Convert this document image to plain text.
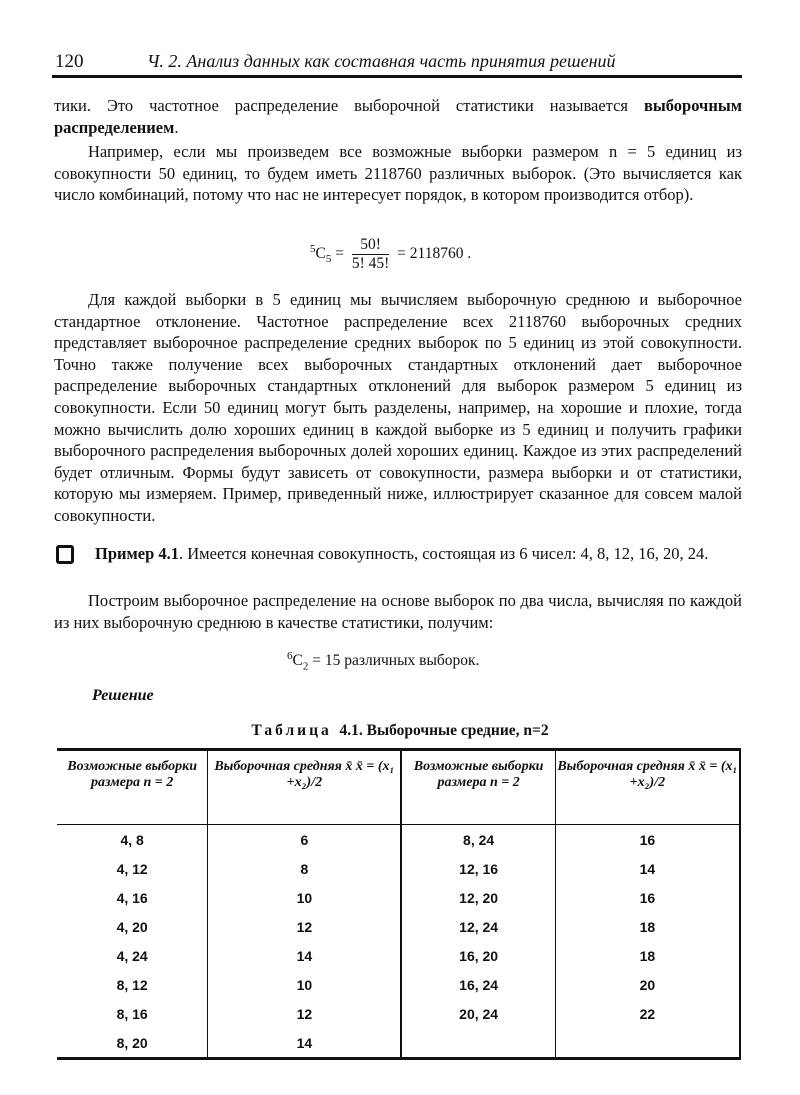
120	Ч. 2. Анализ данных как составная часть принятия решений

тики. Это частотное распределение выборочной статистики называется выборочным распределением.

Например, если мы произведем все возможные выборки размером n = 5 единиц из совокупности 50 единиц, то будем иметь 2118760 различных выборок. (Это вычисляется как число комбинаций, потому что нас не интересует порядок, в котором производится отбор).

$^5C_5 = \frac{50!}{5! 45!} = 2118760$ .

Для каждой выборки в 5 единиц мы вычисляем выборочную среднюю и выборочное стандартное отклонение. Частотное распределение всех 2118760 выборочных средних представляет выборочное распределение средних выборок по 5 единиц из этой совокупности. Точно также получение всех выборочных стандартных отклонений дает выборочное распределение выборочных стандартных отклонений для выборок размером 5 единиц из совокупности. Если 50 единиц могут быть разделены, например, на хорошие и плохие, тогда можно вычислить долю хороших единиц в каждой выборке из 5 единиц и получить графики выборочного распределения выборочных долей хороших единиц. Каждое из этих распределений будет отличным. Формы будут зависеть от совокупности, размера выборки и от статистики, которую мы измеряем. Пример, приведенный ниже, иллюстрирует сказанное для совсем малой совокупности.

Пример 4.1. Имеется конечная совокупность, состоящая из 6 чисел: 4, 8, 12, 16, 20, 24.

Построим выборочное распределение на основе выборок по два числа, вычисляя по каждой из них выборочную среднюю в качестве статистики, получим:

$^6C_2 = 15$ различных выборок.
Решение
Таблица 4.1. Выборочные средние, n=2
Возможные выборки размера n = 2	Выборочная средняя x̄ x̄ = (x₁ +x₂)/2	Возможные выборки размера n = 2	Выборочная средняя x̄ x̄ = (x₁ +x₂)/2
4, 8	6	8, 24	16
4, 12	8	12, 16	14
4, 16	10	12, 20	16
4, 20	12	12, 24	18
4, 24	14	16, 20	18
8, 12	10	16, 24	20
8, 16	12	20, 24	22
8, 20	14		
